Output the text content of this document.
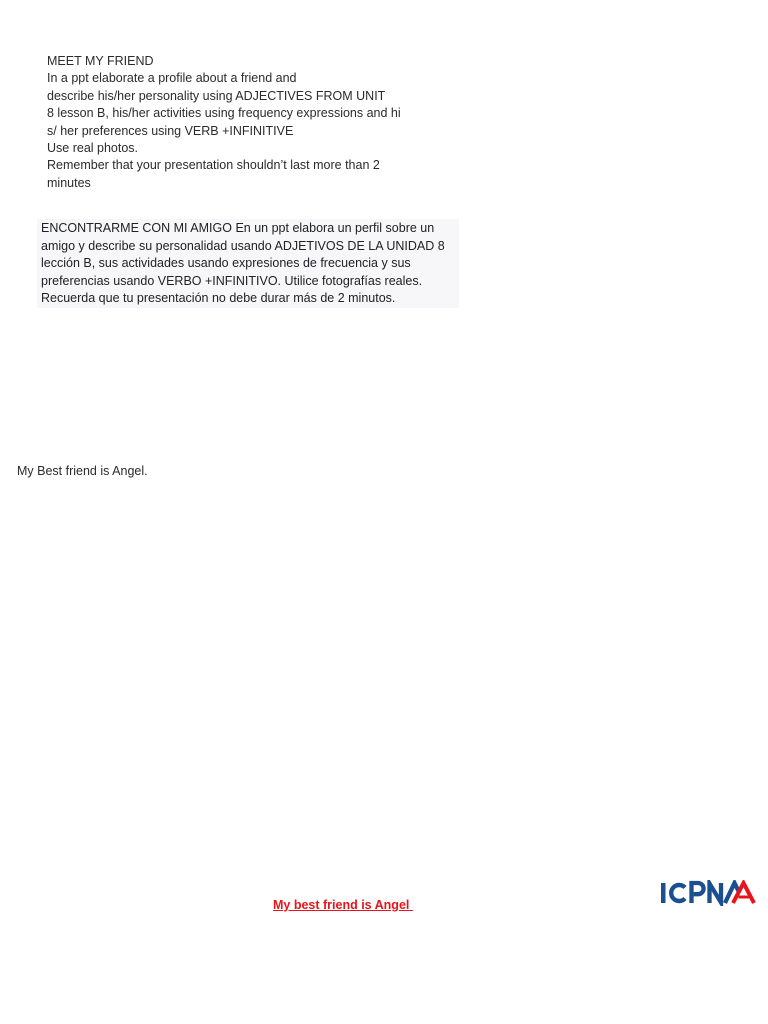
MEET MY FRIEND
In a ppt elaborate a profile about a friend and
describe his/her personality using ADJECTIVES FROM UNIT
8 lesson B, his/her activities using frequency expressions and hi
s/ her preferences using VERB +INFINITIVE
Use real photos.
Remember that your presentation shouldn’t last more than 2
minutes
ENCONTRARME CON MI AMIGO En un ppt elabora un perfil sobre un
amigo y describe su personalidad usando ADJETIVOS DE LA UNIDAD 8
lección B, sus actividades usando expresiones de frecuencia y sus
preferencias usando VERBO +INFINITIVO. Utilice fotografías reales.
Recuerda que tu presentación no debe durar más de 2 minutos.
My Best friend is Angel.
My best friend is Angel
